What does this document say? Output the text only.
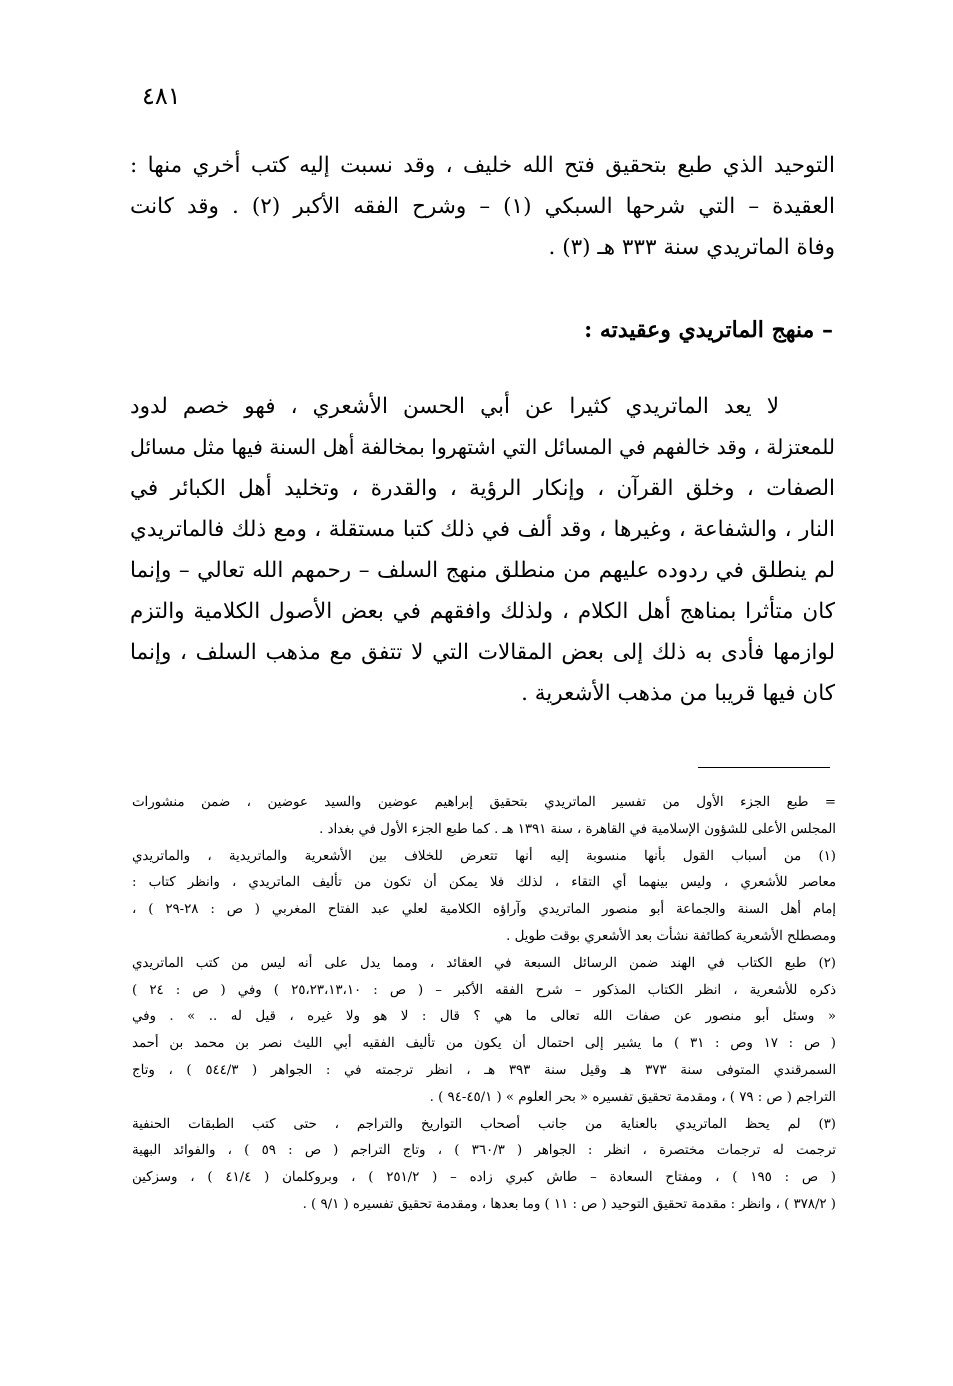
٤٨١
التوحيد الذي طبع بتحقيق فتح الله خليف ، وقد نسبت إليه كتب أخري منها :
العقيدة – التي شرحها السبكي (١) – وشرح الفقه الأكبر (٢) . وقد كانت
وفاة الماتريدي سنة ٣٣٣ هـ (٣) .
– منهج الماتريدي وعقيدته :
لا يعد الماتريدي كثيرا عن أبي الحسن الأشعري ، فهو خصم لدود
للمعتزلة ، وقد خالفهم في المسائل التي اشتهروا بمخالفة أهل السنة فيها مثل مسائل
الصفات ، وخلق القرآن ، وإنكار الرؤية ، والقدرة ، وتخليد أهل الكبائر في
النار ، والشفاعة ، وغيرها ، وقد ألف في ذلك كتبا مستقلة ، ومع ذلك فالماتريدي
لم ينطلق في ردوده عليهم من منطلق منهج السلف – رحمهم الله تعالي – وإنما
كان متأثرا بمناهج أهل الكلام ، ولذلك وافقهم في بعض الأصول الكلامية والتزم
لوازمها فأدى به ذلك إلى بعض المقالات التي لا تتفق مع مذهب السلف ، وإنما
كان فيها قريبا من مذهب الأشعرية .
= طبع الجزء الأول من تفسير الماتريدي بتحقيق إبراهيم عوضين والسيد عوضين ، ضمن منشورات
المجلس الأعلى للشؤون الإسلامية في القاهرة ، سنة ١٣٩١ هـ . كما طبع الجزء الأول في بغداد .
(١) من أسباب القول بأنها منسوبة إليه أنها تتعرض للخلاف بين الأشعرية والماتريدية ، والماتريدي
معاصر للأشعري ، وليس بينهما أي التقاء ، لذلك فلا يمكن أن تكون من تأليف الماتريدي ، وانظر كتاب :
إمام أهل السنة والجماعة أبو منصور الماتريدي وآراؤه الكلامية لعلي عبد الفتاح المغربي ( ص : ٢٨-٢٩ ) ،
ومصطلح الأشعرية كطائفة نشأت بعد الأشعري بوقت طويل .
(٢) طبع الكتاب في الهند ضمن الرسائل السبعة في العقائد ، ومما يدل على أنه ليس من كتب الماتريدي
ذكره للأشعرية ، انظر الكتاب المذكور – شرح الفقه الأكبر – ( ص : ٢٥،٢٣،١٣،١٠ ) وفي ( ص : ٢٤ )
« وسئل أبو منصور عن صفات الله تعالى ما هي ؟ قال : لا هو ولا غيره ، قيل له .. » . وفي
( ص : ١٧ وص : ٣١ ) ما يشير إلى احتمال أن يكون من تأليف الفقيه أبي الليث نصر بن محمد بن أحمد
السمرقندي المتوفى سنة ٣٧٣ هـ وقيل سنة ٣٩٣ هـ ، انظر ترجمته في : الجواهر ( ٥٤٤/٣ ) ، وتاج
التراجم ( ص : ٧٩ ) ، ومقدمة تحقيق تفسيره « بحر العلوم » ( ٤٥/١-٩٤ ) .
(٣) لم يحظ الماتريدي بالعناية من جانب أصحاب التواريخ والتراجم ، حتى كتب الطبقات الحنفية
ترجمت له ترجمات مختصرة ، انظر : الجواهر ( ٣٦٠/٣ ) ، وتاج التراجم ( ص : ٥٩ ) ، والفوائد البهية
( ص : ١٩٥ ) ، ومفتاح السعادة – طاش كبري زاده – ( ٢٥١/٢ ) ، وبروكلمان ( ٤١/٤ ) ، وسزكين
( ٣٧٨/٢ ) ، وانظر : مقدمة تحقيق التوحيد ( ص : ١١ ) وما بعدها ، ومقدمة تحقيق تفسيره ( ٩/١ ) .
